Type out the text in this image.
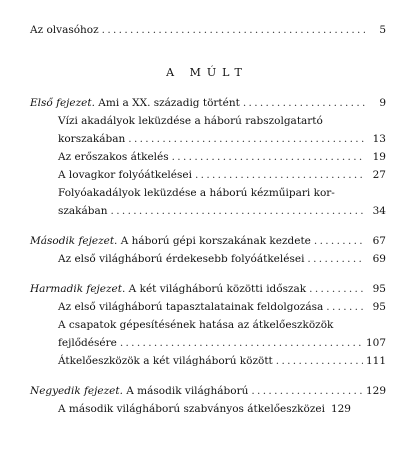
Az olvasóhoz . . .	5
A MÚLT
Első fejezet. Ami a XX. századig történt . . .	9
Vízi akadályok leküzdése a háború rabszolgatartó
korszakában . . .	13
Az erőszakos átkelés . . .	19
A lovagkor folyóátkelései . . .	27
Folyóakadályok leküzdése a háború kézműipari kor-
szakában . . .	34
Második fejezet. A háború gépi korszakának kezdete . . .	67
Az első világháború érdekesebb folyóátkelései . . .	69
Harmadik fejezet. A két világháború közötti időszak . . .	95
Az első világháború tapasztalatainak feldolgozása . . .	95
A csapatok gépesítésének hatása az átkelőeszközök
fejlődésére . . .	107
Átkelőeszközök a két világháború között . . .	111
Negyedik fejezet. A második világháború . . .	129
A második világháború szabványos átkelőeszközei 129
